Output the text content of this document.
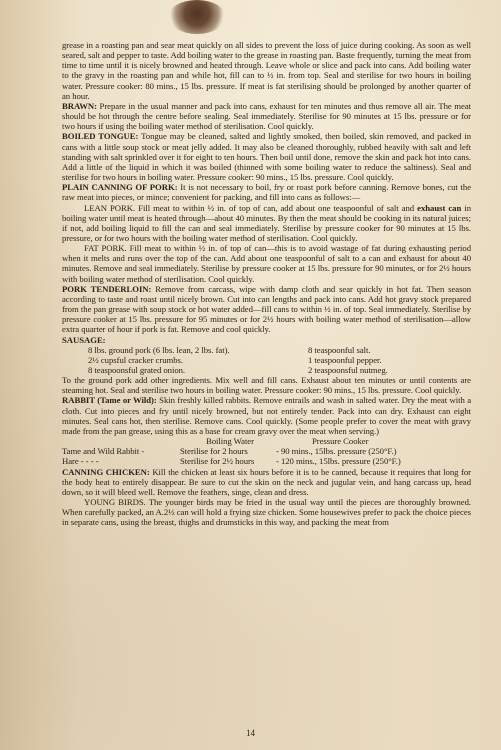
grease in a roasting pan and sear meat quickly on all sides to prevent the loss of juice during cooking. As soon as well seared, salt and pepper to taste. Add boiling water to the grease in roasting pan. Baste frequently, turning the meat from time to time until it is nicely browned and heated through. Leave whole or slice and pack into cans. Add boiling water to the gravy in the roasting pan and while hot, fill can to ½ in. from top. Seal and sterilise for two hours in boiling water. Pressure cooker: 80 mins., 15 lbs. pressure. If meat is fat sterilising should be prolonged by another quarter of an hour.

BRAWN: Prepare in the usual manner and pack into cans, exhaust for ten minutes and thus remove all air. The meat should be hot through the centre before sealing. Seal immediately. Sterilise for 90 minutes at 15 lbs. pressure or for two hours if using the boiling water method of sterilisation. Cool quickly.

BOILED TONGUE: Tongue may be cleaned, salted and lightly smoked, then boiled, skin removed, and packed in cans with a little soup stock or meat jelly added. It may also be cleaned thoroughly, rubbed heavily with salt and left standing with salt sprinkled over it for eight to ten hours. Then boil until done, remove the skin and pack hot into cans. Add a little of the liquid in which it was boiled (thinned with some boiling water to reduce the saltiness). Seal and sterilise for two hours in boiling water. Pressure cooker: 90 mins., 15 lbs. pressure. Cool quickly.

PLAIN CANNING OF PORK: It is not necessary to boil, fry or roast pork before canning. Remove bones, cut the raw meat into pieces, or mince; convenient for packing, and fill into cans as follows:—

LEAN PORK. Fill meat to within ½ in. of top of can, add about one teaspoonful of salt and exhaust can in boiling water until meat is heated through—about 40 minutes. By then the meat should be cooking in its natural juices; if not, add boiling liquid to fill the can and seal immediately. Sterilise by pressure cooker for 90 minutes at 15 lbs. pressure, or for two hours with the boiling water method of sterilisation. Cool quickly.

FAT PORK. Fill meat to within ½ in. of top of can—this is to avoid wastage of fat during exhausting period when it melts and runs over the top of the can. Add about one teaspoonful of salt to a can and exhaust for about 40 minutes. Remove and seal immediately. Sterilise by pressure cooker at 15 lbs. pressure for 90 minutes, or for 2½ hours with boiling water method of sterilisation. Cool quickly.

PORK TENDERLOIN: Remove from carcass, wipe with damp cloth and sear quickly in hot fat. Then season according to taste and roast until nicely brown. Cut into can lengths and pack into cans. Add hot gravy stock prepared from the pan grease with soup stock or hot water added—fill cans to within ½ in. of top. Seal immediately. Sterilise by pressure cooker at 15 lbs. pressure for 95 minutes or for 2½ hours with boiling water method of sterilisation—allow extra quarter of hour if pork is fat. Remove and cool quickly.

SAUSAGE:

8 lbs. ground pork (6 lbs. lean, 2 lbs. fat).	8 teaspoonful salt.
2½ cupsful cracker crumbs.	1 teaspoonful pepper.
8 teaspoonsful grated onion.	2 teaspoonsful nutmeg.

To the ground pork add other ingredients. Mix well and fill cans. Exhaust about ten minutes or until contents are steaming hot. Seal and sterilise two hours in boiling water. Pressure cooker: 90 mins., 15 lbs. pressure. Cool quickly.

RABBIT (Tame or Wild): Skin freshly killed rabbits. Remove entrails and wash in salted water. Dry the meat with a cloth. Cut into pieces and fry until nicely browned, but not entirely tender. Pack into can dry. Exhaust can eight minutes. Seal cans hot, then sterilise. Remove cans. Cool quickly. (Some people prefer to cover the meat with gravy made from the pan grease, using this as a base for cream gravy over the meat when serving.)

Boiling Water	Pressure Cooker
Tame and Wild Rabbit -	Sterilise for 2 hours	- 90 mins., 15lbs. pressure (250°F.)
Hare - - - -	Sterilise for 2½ hours	- 120 mins., 15lbs. pressure (250°F.)

CANNING CHICKEN: Kill the chicken at least six hours before it is to be canned, because it requires that long for the body heat to entirely disappear. Be sure to cut the skin on the neck and jugular vein, and hang carcass up, head down, so it will bleed well. Remove the feathers, singe, clean and dress.

YOUNG BIRDS. The younger birds may be fried in the usual way until the pieces are thoroughly browned. When carefully packed, an A.2½ can will hold a frying size chicken. Some housewives prefer to pack the choice pieces in separate cans, using the breast, thighs and drumsticks in this way, and packing the meat from

14
